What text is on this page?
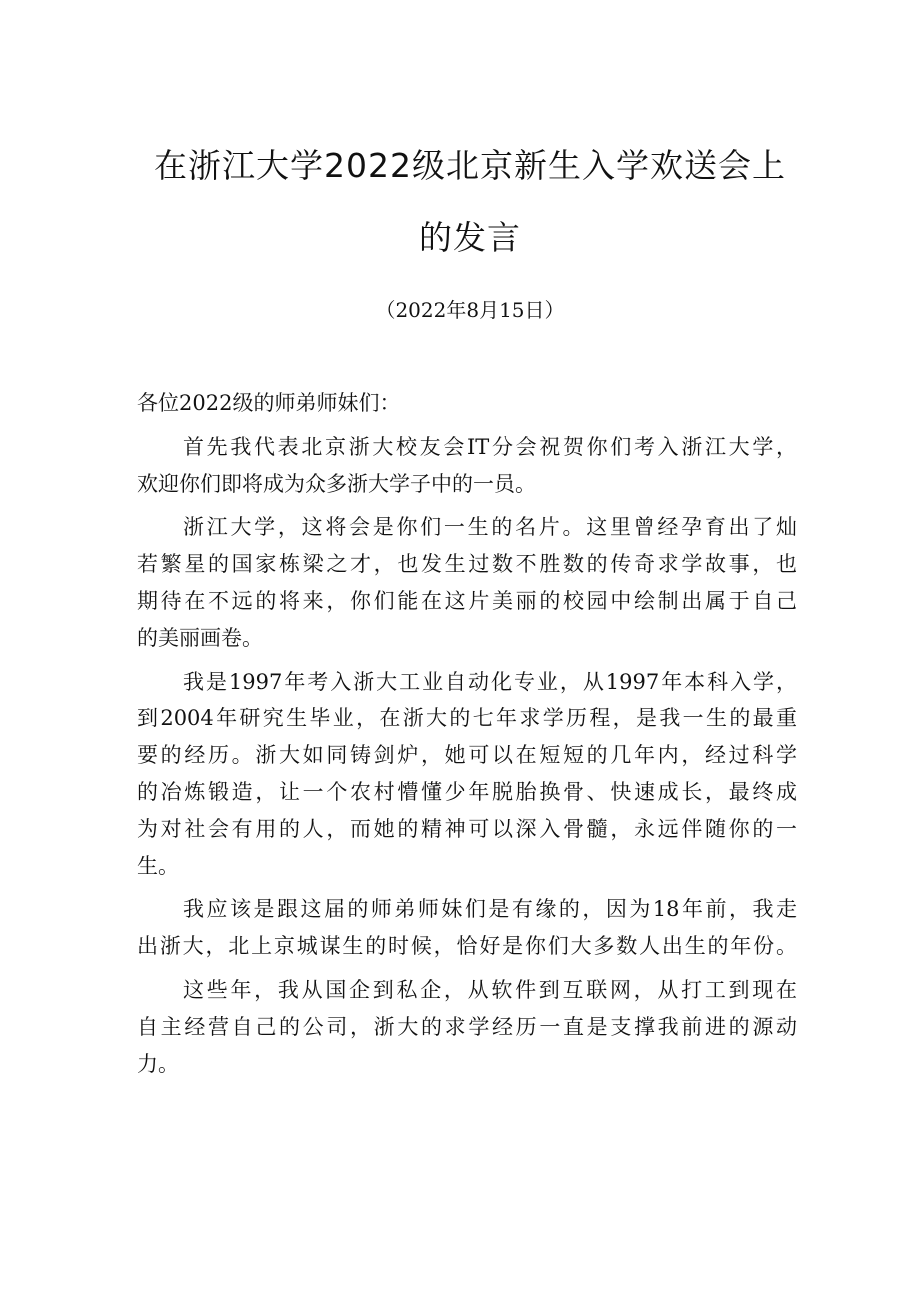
在浙江大学2022级北京新生入学欢送会上
的发言
（2022年8月15日）

各位2022级的师弟师妹们：

首先我代表北京浙大校友会IT分会祝贺你们考入浙江大学，

欢迎你们即将成为众多浙大学子中的一员。

浙江大学，这将会是你们一生的名片。这里曾经孕育出了灿

若繁星的国家栋梁之才，也发生过数不胜数的传奇求学故事，也

期待在不远的将来，你们能在这片美丽的校园中绘制出属于自己

的美丽画卷。

我是1997年考入浙大工业自动化专业，从1997年本科入学，

到2004年研究生毕业，在浙大的七年求学历程，是我一生的最重

要的经历。浙大如同铸剑炉，她可以在短短的几年内，经过科学

的冶炼锻造，让一个农村懵懂少年脱胎换骨、快速成长，最终成

为对社会有用的人，而她的精神可以深入骨髓，永远伴随你的一

生。

我应该是跟这届的师弟师妹们是有缘的，因为18年前，我走

出浙大，北上京城谋生的时候，恰好是你们大多数人出生的年份。

这些年，我从国企到私企，从软件到互联网，从打工到现在

自主经营自己的公司，浙大的求学经历一直是支撑我前进的源动

力。
